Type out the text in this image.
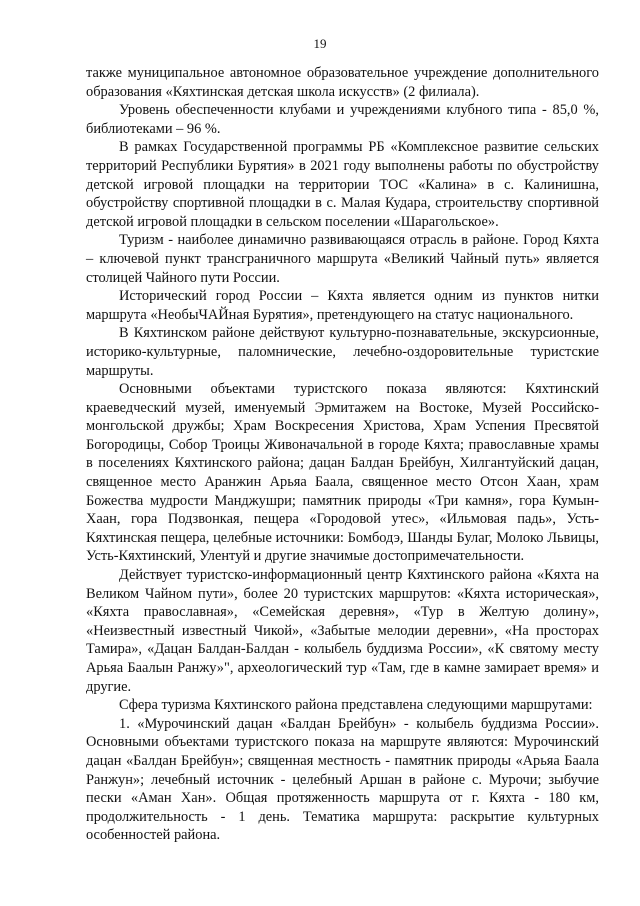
19

также муниципальное автономное образовательное учреждение дополнительного образования «Кяхтинская детская школа искусств» (2 филиала).

Уровень обеспеченности клубами и учреждениями клубного типа - 85,0 %, библиотеками – 96 %.

В рамках Государственной программы РБ «Комплексное развитие сельских территорий Республики Бурятия» в 2021 году выполнены работы по обустройству детской игровой площадки на территории ТОС «Калина» в с. Калинишна, обустройству спортивной площадки в с. Малая Кудара, строительству спортивной детской игровой площадки в сельском поселении «Шарагольское».

Туризм - наиболее динамично развивающаяся отрасль в районе. Город Кяхта – ключевой пункт трансграничного маршрута «Великий Чайный путь» является столицей Чайного пути России.

Исторический город России – Кяхта является одним из пунктов нитки маршрута «НеобыЧАЙная Бурятия», претендующего на статус национального.

В Кяхтинском районе действуют культурно-познавательные, экскурсионные, историко-культурные, паломнические, лечебно-оздоровительные туристские маршруты.

Основными объектами туристского показа являются: Кяхтинский краеведческий музей, именуемый Эрмитажем на Востоке, Музей Российско-монгольской дружбы; Храм Воскресения Христова, Храм Успения Пресвятой Богородицы, Собор Троицы Живоначальной в городе Кяхта; православные храмы в поселениях Кяхтинского района; дацан Балдан Брейбун, Хилгантуйский дацан, священное место Аранжин Арьяа Баала, священное место Отсон Хаан, храм Божества мудрости Манджушри; памятник природы «Три камня», гора Кумын-Хаан, гора Подзвонкая, пещера «Городовой утес», «Ильмовая падь», Усть-Кяхтинская пещера, целебные источники: Бомбодэ, Шанды Булаг, Молоко Львицы, Усть-Кяхтинский, Улентуй и другие значимые достопримечательности.

Действует туристско-информационный центр Кяхтинского района «Кяхта на Великом Чайном пути», более 20 туристских маршрутов: «Кяхта историческая», «Кяхта православная», «Семейская деревня», «Тур в Желтую долину», «Неизвестный известный Чикой», «Забытые мелодии деревни», «На просторах Тамира», «Дацан Балдан-Балдан - колыбель буддизма России», «К святому месту Арьяа Баалын Ранжу»", археологический тур «Там, где в камне замирает время» и другие.

Сфера туризма Кяхтинского района представлена следующими маршрутами:

1. «Мурочинский дацан «Балдан Брейбун» - колыбель буддизма России». Основными объектами туристского показа на маршруте являются: Мурочинский дацан «Балдан Брейбун»; священная местность - памятник природы «Арьяа Баала Ранжун»; лечебный источник - целебный Аршан в районе с. Мурочи; зыбучие пески «Аман Хан». Общая протяженность маршрута от г. Кяхта - 180 км, продолжительность - 1 день. Тематика маршрута: раскрытие культурных особенностей района.
